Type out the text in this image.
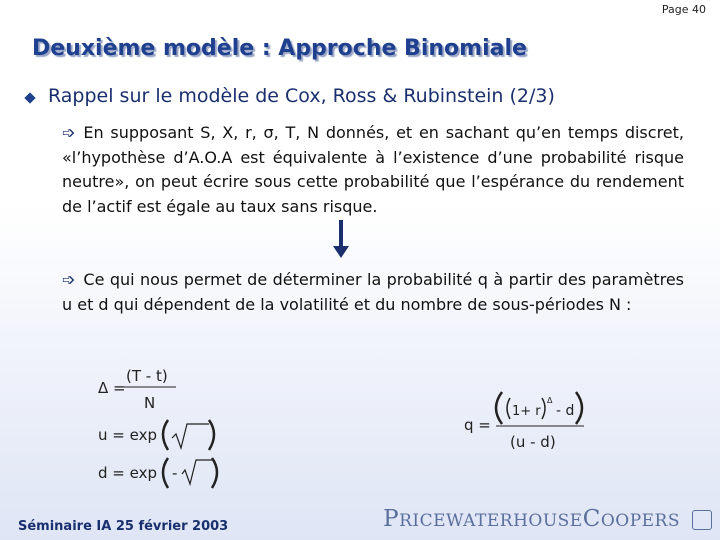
Page 40
Deuxième modèle : Approche Binomiale
Rappel sur le modèle de Cox, Ross & Rubinstein (2/3)
➩ En supposant S, X, r, σ, T, N donnés, et en sachant qu’en temps discret, «l’hypothèse d’A.O.A est équivalente à l’existence d’une probabilité risque neutre», on peut écrire sous cette probabilité que l’espérance du rendement de l’actif est égale au taux sans risque.
➩ Ce qui nous permet de déterminer la probabilité q à partir des paramètres u et d qui dépendent de la volatilité et du nombre de sous-périodes N :
Δ =
(T - t)
N
u = exp
d = exp -
q =
1+ r
Δ
- d
(u - d)
Séminaire IA 25 février 2003	PRICEWATERHOUSECOOPERS
